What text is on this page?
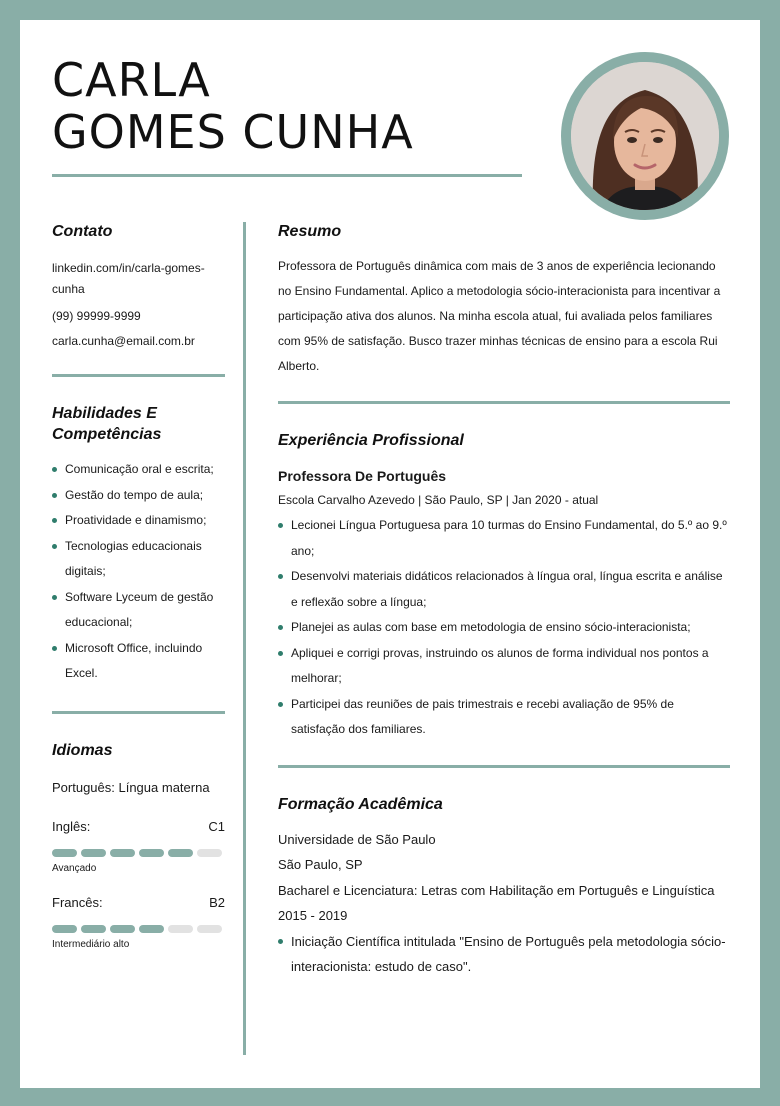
CARLA
GOMES CUNHA
Contato
linkedin.com/in/carla-gomes-cunha
(99) 99999-9999
carla.cunha@email.com.br
Habilidades E Competências
Comunicação oral e escrita;
Gestão do tempo de aula;
Proatividade e dinamismo;
Tecnologias educacionais digitais;
Software Lyceum de gestão educacional;
Microsoft Office, incluindo Excel.
Idiomas
Português: Língua materna
Inglês:	C1
Avançado
Francês:	B2
Intermediário alto
Resumo

Professora de Português dinâmica com mais de 3 anos de experiência lecionando no Ensino Fundamental. Aplico a metodologia sócio-interacionista para incentivar a participação ativa dos alunos. Na minha escola atual, fui avaliada pelos familiares com 95% de satisfação. Busco trazer minhas técnicas de ensino para a escola Rui Alberto.

Experiência Profissional
Professora De Português
Escola Carvalho Azevedo | São Paulo, SP | Jan 2020 - atual
Lecionei Língua Portuguesa para 10 turmas do Ensino Fundamental, do 5.º ao 9.º ano;
Desenvolvi materiais didáticos relacionados à língua oral, língua escrita e análise e reflexão sobre a língua;
Planejei as aulas com base em metodologia de ensino sócio-interacionista;
Apliquei e corrigi provas, instruindo os alunos de forma individual nos pontos a melhorar;
Participei das reuniões de pais trimestrais e recebi avaliação de 95% de satisfação dos familiares.
Formação Acadêmica
Universidade de São Paulo
São Paulo, SP
Bacharel e Licenciatura: Letras com Habilitação em Português e Linguística
2015 - 2019
Iniciação Científica intitulada "Ensino de Português pela metodologia sócio-interacionista: estudo de caso".
